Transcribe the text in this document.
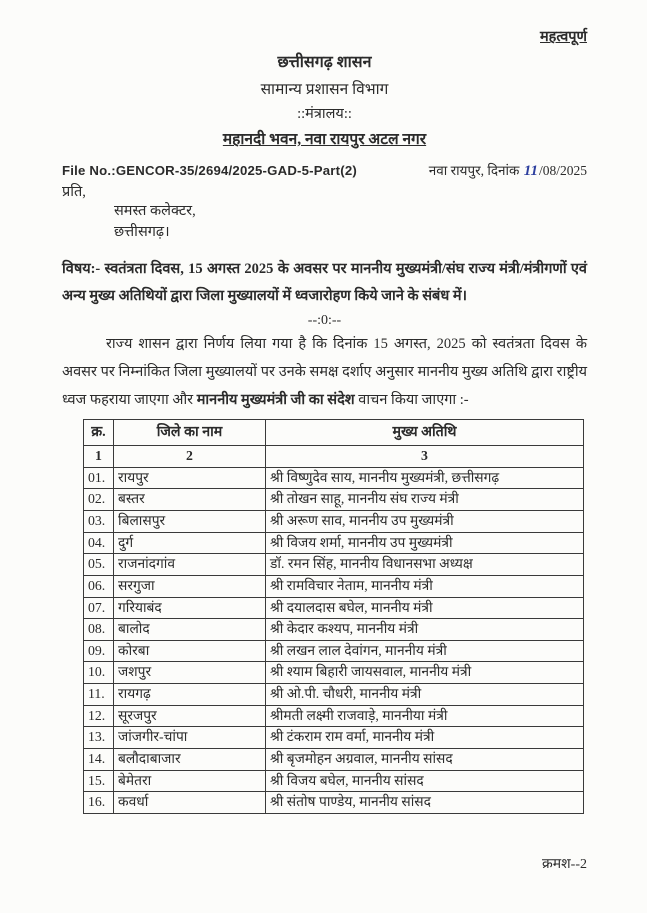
महत्वपूर्ण
छत्तीसगढ़ शासन
सामान्य प्रशासन विभाग
::मंत्रालय::
महानदी भवन, नवा रायपुर अटल नगर
File No.:GENCOR-35/2694/2025-GAD-5-Part(2)	नवा रायपुर, दिनांक 11/08/2025
प्रति,
समस्त कलेक्टर,
छत्तीसगढ़।

विषय:- स्वतंत्रता दिवस, 15 अगस्त 2025 के अवसर पर माननीय मुख्यमंत्री/संघ राज्य मंत्री/मंत्रीगणों एवं अन्य मुख्य अतिथियों द्वारा जिला मुख्यालयों में ध्वजारोहण किये जाने के संबंध में।

--:0:--

राज्य शासन द्वारा निर्णय लिया गया है कि दिनांक 15 अगस्त, 2025 को स्वतंत्रता दिवस के अवसर पर निम्नांकित जिला मुख्यालयों पर उनके समक्ष दर्शाए अनुसार माननीय मुख्य अतिथि द्वारा राष्ट्रीय ध्वज फहराया जाएगा और माननीय मुख्यमंत्री जी का संदेश वाचन किया जाएगा :-

क्र.	जिले का नाम	मुख्य अतिथि
1	2	3
01.	रायपुर	श्री विष्णुदेव साय, माननीय मुख्यमंत्री, छत्तीसगढ़
02.	बस्तर	श्री तोखन साहू, माननीय संघ राज्य मंत्री
03.	बिलासपुर	श्री अरूण साव, माननीय उप मुख्यमंत्री
04.	दुर्ग	श्री विजय शर्मा, माननीय उप मुख्यमंत्री
05.	राजनांदगांव	डॉ. रमन सिंह, माननीय विधानसभा अध्यक्ष
06.	सरगुजा	श्री रामविचार नेताम, माननीय मंत्री
07.	गरियाबंद	श्री दयालदास बघेल, माननीय मंत्री
08.	बालोद	श्री केदार कश्यप, माननीय मंत्री
09.	कोरबा	श्री लखन लाल देवांगन, माननीय मंत्री
10.	जशपुर	श्री श्याम बिहारी जायसवाल, माननीय मंत्री
11.	रायगढ़	श्री ओ.पी. चौधरी, माननीय मंत्री
12.	सूरजपुर	श्रीमती लक्ष्मी राजवाड़े, माननीया मंत्री
13.	जांजगीर-चांपा	श्री टंकराम राम वर्मा, माननीय मंत्री
14.	बलौदाबाजार	श्री बृजमोहन अग्रवाल, माननीय सांसद
15.	बेमेतरा	श्री विजय बघेल, माननीय सांसद
16.	कवर्धा	श्री संतोष पाण्डेय, माननीय सांसद
क्रमश--2
